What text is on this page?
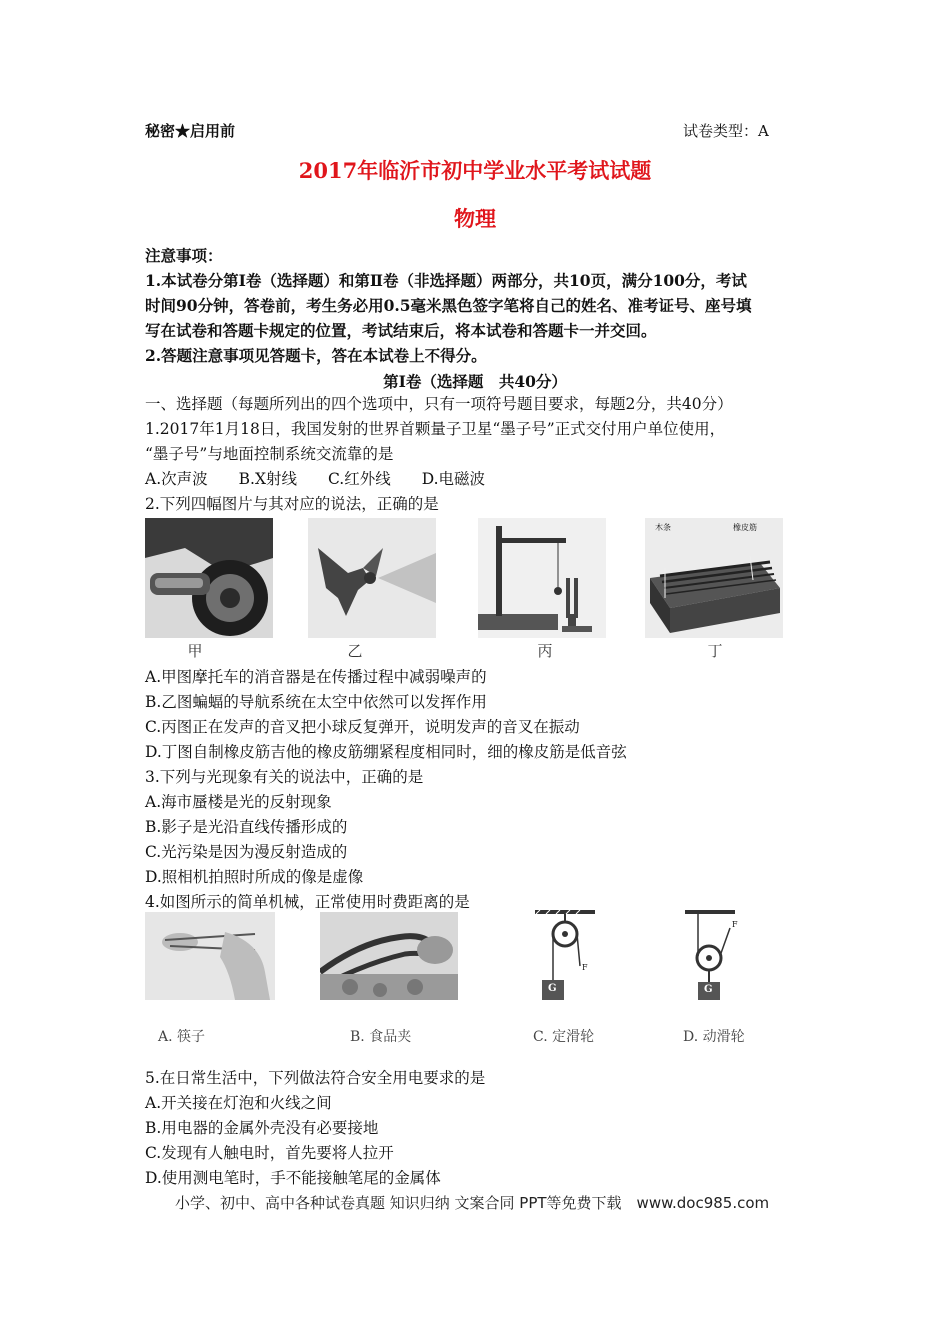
秘密★启用前	试卷类型：A
2017年临沂市初中学业水平考试试题
物理
注意事项：
1.本试卷分第Ⅰ卷（选择题）和第Ⅱ卷（非选择题）两部分，共10页，满分100分，考试
时间90分钟，答卷前，考生务必用0.5毫米黑色签字笔将自己的姓名、准考证号、座号填
写在试卷和答题卡规定的位置，考试结束后，将本试卷和答题卡一并交回。
2.答题注意事项见答题卡，答在本试卷上不得分。
第Ⅰ卷（选择题　共40分）
一、选择题（每题所列出的四个选项中，只有一项符号题目要求，每题2分，共40分）
1.2017年1月18日，我国发射的世界首颗量子卫星“墨子号”正式交付用户单位使用，
“墨子号”与地面控制系统交流靠的是
A.次声波　　B.X射线　　C.红外线　　D.电磁波
2.下列四幅图片与其对应的说法，正确的是
甲	乙	丙
木条	橡皮筋
丁
A.甲图摩托车的消音器是在传播过程中减弱噪声的
B.乙图蝙蝠的导航系统在太空中依然可以发挥作用
C.丙图正在发声的音叉把小球反复弹开，说明发声的音叉在振动
D.丁图自制橡皮筋吉他的橡皮筋绷紧程度相同时，细的橡皮筋是低音弦
3.下列与光现象有关的说法中，正确的是
A.海市蜃楼是光的反射现象
B.影子是光沿直线传播形成的
C.光污染是因为漫反射造成的
D.照相机拍照时所成的像是虚像
4.如图所示的简单机械，正常使用时费距离的是
G
F
G
F
A. 筷子	B. 食品夹	C. 定滑轮	D. 动滑轮
5.在日常生活中，下列做法符合安全用电要求的是
A.开关接在灯泡和火线之间
B.用电器的金属外壳没有必要接地
C.发现有人触电时，首先要将人拉开
D.使用测电笔时，手不能接触笔尾的金属体
小学、初中、高中各种试卷真题 知识归纳 文案合同 PPT等免费下载　www.doc985.com
